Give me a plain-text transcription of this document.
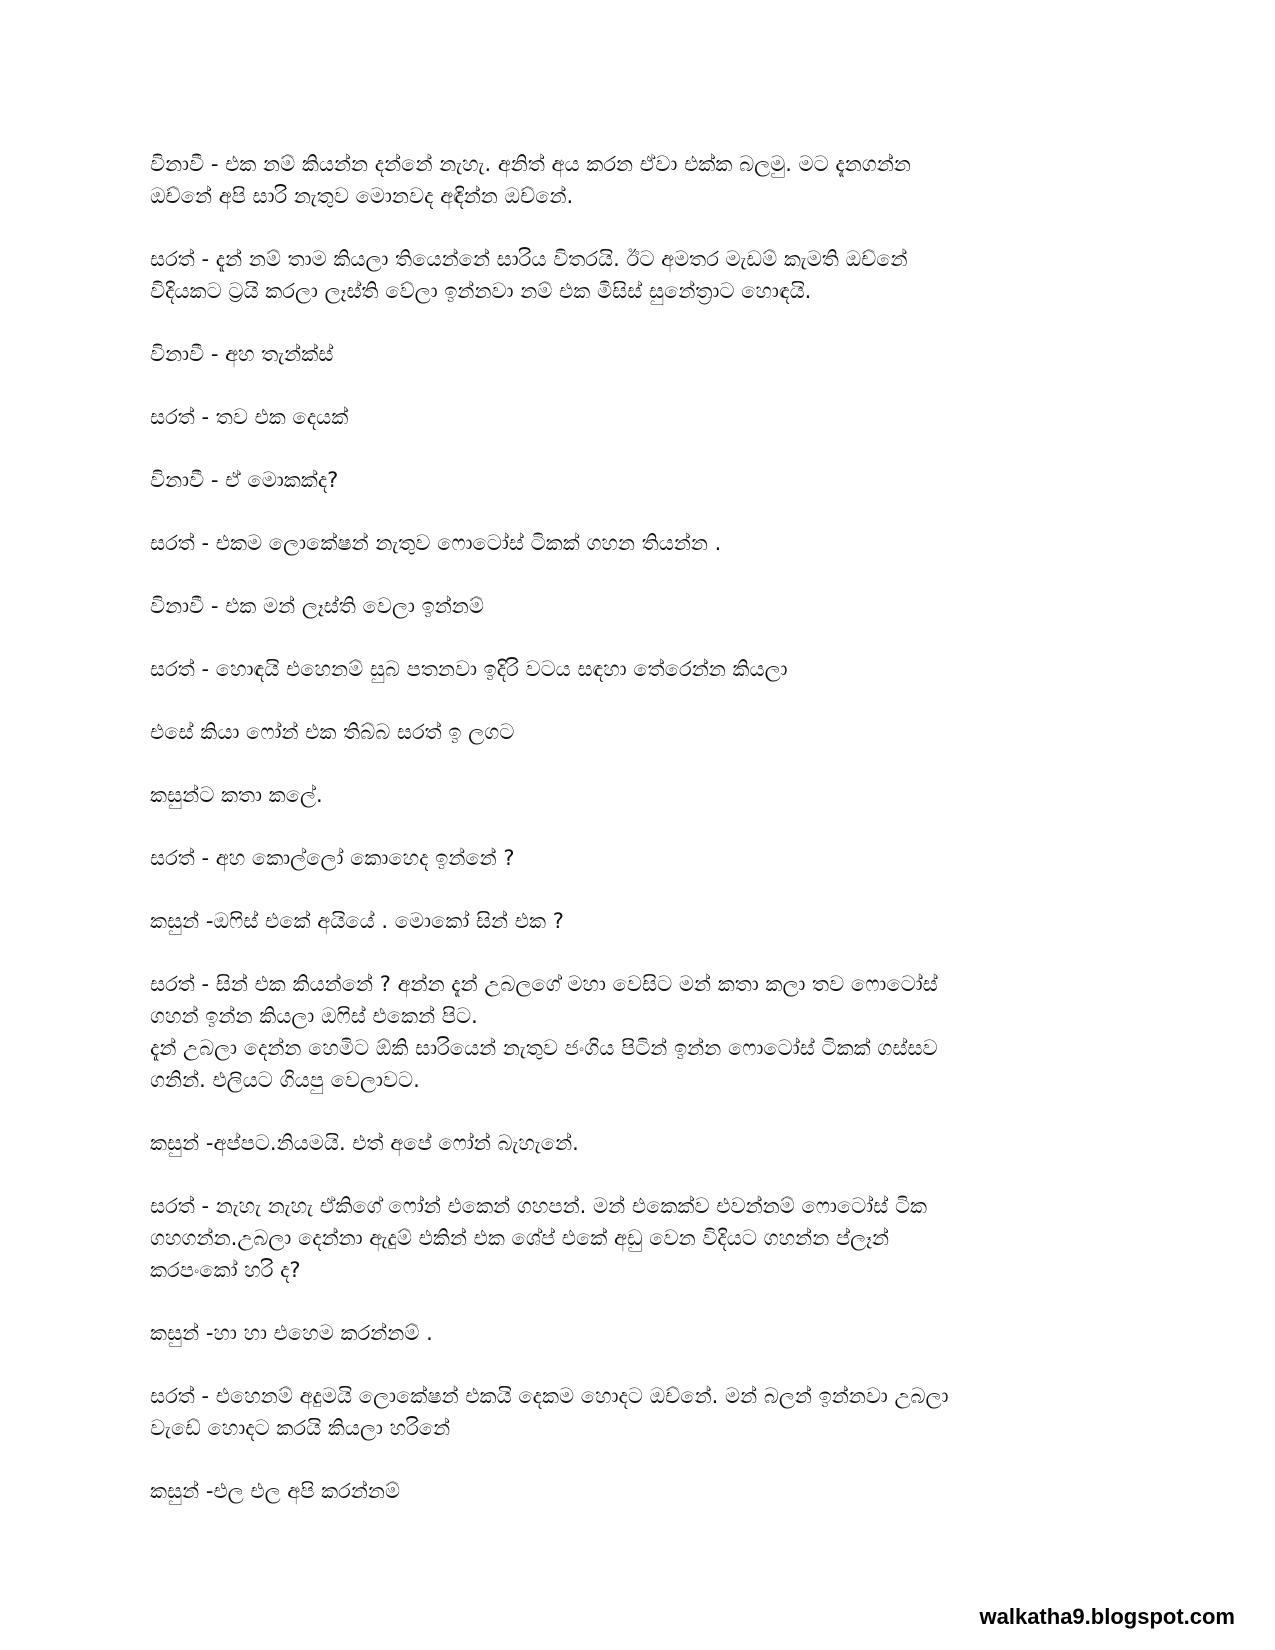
විනාවී - එක නම් කියන්න දන්නේ නැහැ. අනිත් අය කරන ඒවා එක්ක බලමු. මට දැනගන්න
ඔච්නේ අපි සාරි නැතුව මොනවද අඳින්න ඔච්නේ.

සරත් - දැන් නම් තාම කියලා තියෙන්නේ සාරිය විතරයි. ඊට අමතර මැඩම් කැමති ඔච්නේ
විදියකට ට්‍රයි කරලා ලෑස්ති වේලා ඉන්නවා නම් එක මිසිස් සුනේත්‍රාට හොඳයි.

විනාවී - අහ තැන්ක්ස්

සරත් - තව එක දෙයක්

විනාවී - ඒ මොකක්ද?

සරත් - එකම ලොකේෂන් නැතුව ෆොටෝස් ටිකක් ගහන තියන්න .

විනාවී - එක මන් ලෑස්ති වෙලා ඉන්නම්

සරත් - හොඳයි එහෙනම් සුබ පතනවා ඉදිරි වටය සඳහා තේරෙන්න කියලා

එසේ කියා ෆෝන් එක තිබ්බ සරත් ඉ ලගට

කසුන්ට කතා කලේ.

සරත් - අහ කොල්ලෝ කොහෙද ඉන්නේ ?

කසුන් -ඔෆිස් එකේ අයියේ . මොකෝ සින් එක ?

සරත් - සින් එක කියන්නේ ? අන්න දැන් උබලගේ මහා වෙසිට මන් කතා කලා තව ෆොටෝස්
ගහන් ඉන්න කියලා ඔෆිස් එකෙන් පිට.
දැන් උබලා දෙන්න හෙමිට ඕකි සාරියෙන් නැතුව ජංගිය පිටින් ඉන්න ෆොටෝස් ටිකක් ගස්සව
ගනින්. එලියට ගියපු වෙලාවට.

කසුන් -අප්පට.නියමයි. එත් අපේ ෆෝන් බැහැනේ.

සරත් - නැහැ නැහැ ඒකිගේ ෆෝන් එකෙන් ගහපන්. මන් එකෙක්ව එවන්නම් ෆොටෝස් ටික
ගහගන්න.උබලා දෙන්නා ඇදුම් එකින් එක ශේප් එකේ අඩු වෙන විදියට ගහන්න ප්ලෑන්
කරපංකෝ හරි ද?

කසුන් -හා හා එහෙම කරන්නම් .

සරත් - එහෙනම් අදුමයි ලොකේෂන් එකයි දෙකම හොදට ඔච්නේ. මන් බලන් ඉන්නවා උබලා
වැඩේ හොදට කරයි කියලා හරිනේ

කසුන් -එල එල අපි කරන්නම්

walkatha9.blogspot.com
